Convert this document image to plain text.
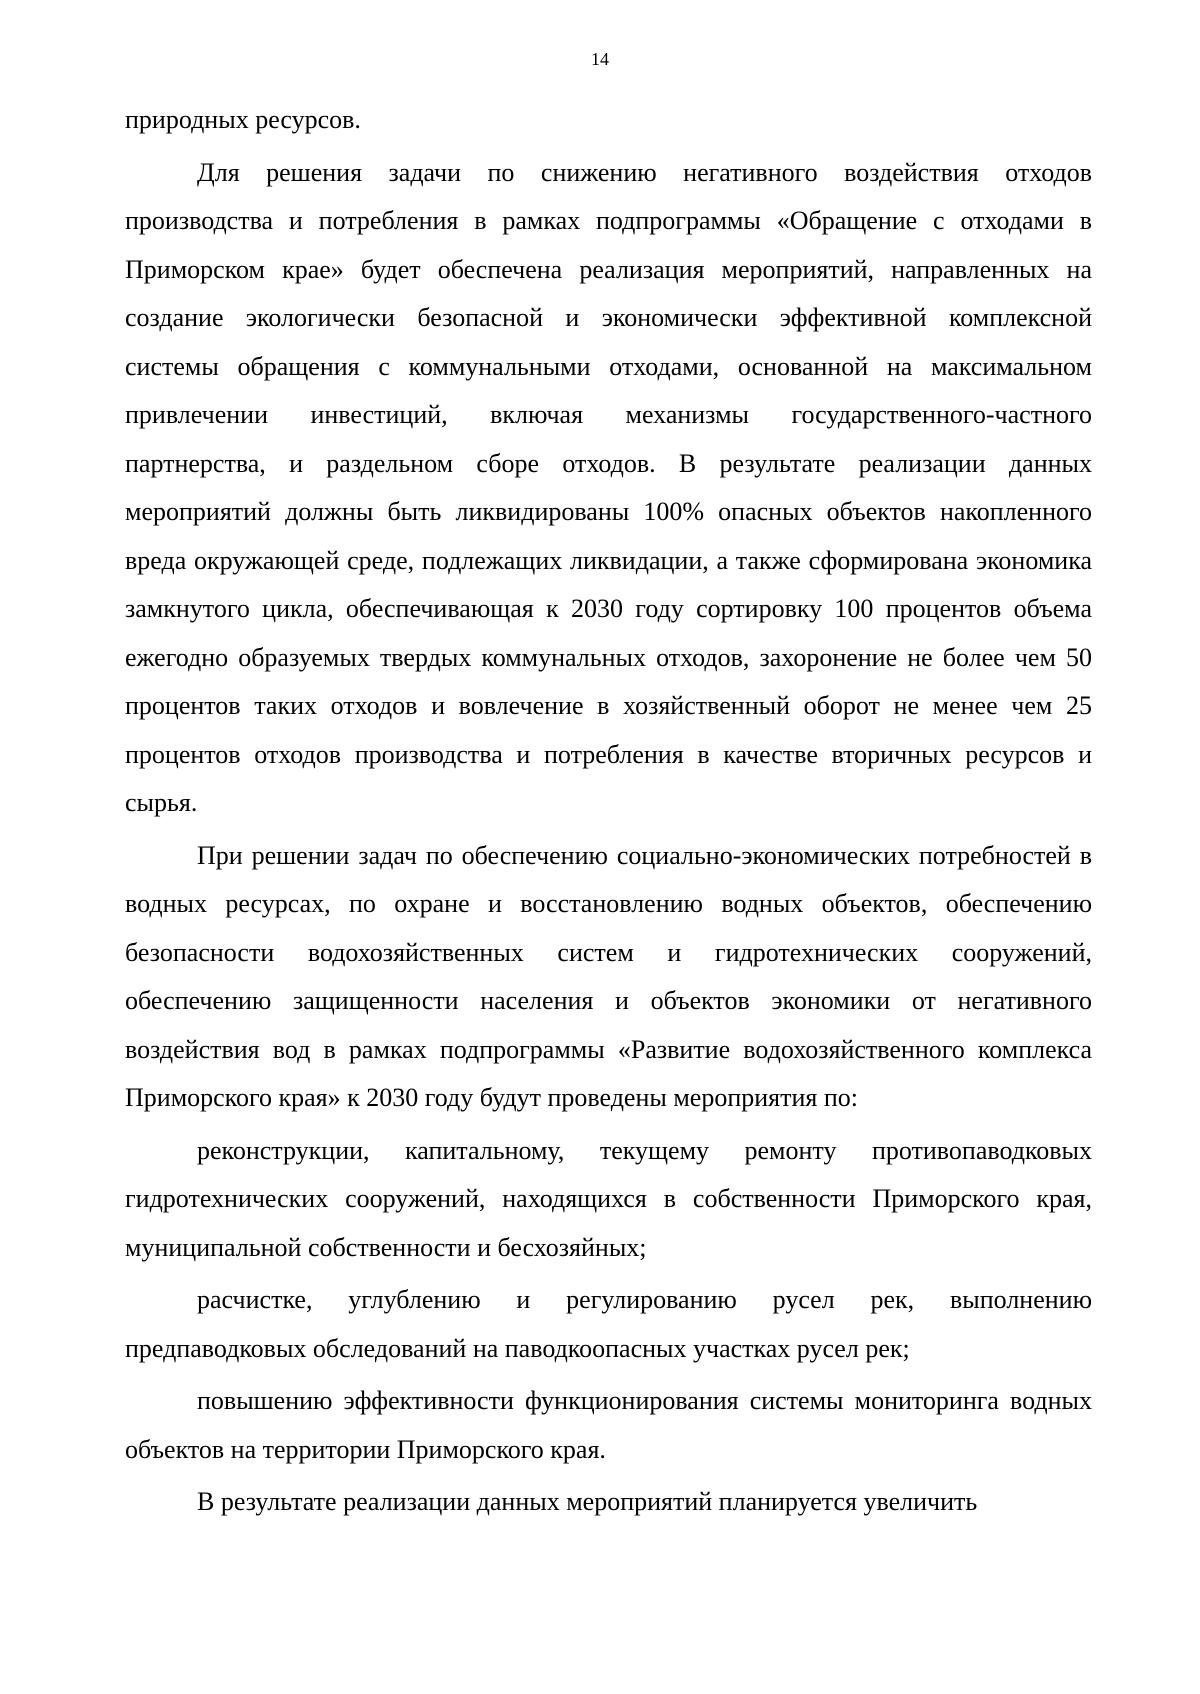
14

природных ресурсов.

Для решения задачи по снижению негативного воздействия отходов производства и потребления в рамках подпрограммы «Обращение с отходами в Приморском крае» будет обеспечена реализация мероприятий, направленных на создание экологически безопасной и экономически эффективной комплексной системы обращения с коммунальными отходами, основанной на максимальном привлечении инвестиций, включая механизмы государственного-частного партнерства, и раздельном сборе отходов. В результате реализации данных мероприятий должны быть ликвидированы 100% опасных объектов накопленного вреда окружающей среде, подлежащих ликвидации, а также сформирована экономика замкнутого цикла, обеспечивающая к 2030 году сортировку 100 процентов объема ежегодно образуемых твердых коммунальных отходов, захоронение не более чем 50 процентов таких отходов и вовлечение в хозяйственный оборот не менее чем 25 процентов отходов производства и потребления в качестве вторичных ресурсов и сырья.

При решении задач по обеспечению социально-экономических потребностей в водных ресурсах, по охране и восстановлению водных объектов, обеспечению безопасности водохозяйственных систем и гидротехнических сооружений, обеспечению защищенности населения и объектов экономики от негативного воздействия вод в рамках подпрограммы «Развитие водохозяйственного комплекса Приморского края» к 2030 году будут проведены мероприятия по:

реконструкции, капитальному, текущему ремонту противопаводковых гидротехнических сооружений, находящихся в собственности Приморского края, муниципальной собственности и бесхозяйных;

расчистке, углублению и регулированию русел рек, выполнению предпаводковых обследований на паводкоопасных участках русел рек;

повышению эффективности функционирования системы мониторинга водных объектов на территории Приморского края.

В результате реализации данных мероприятий планируется увеличить
